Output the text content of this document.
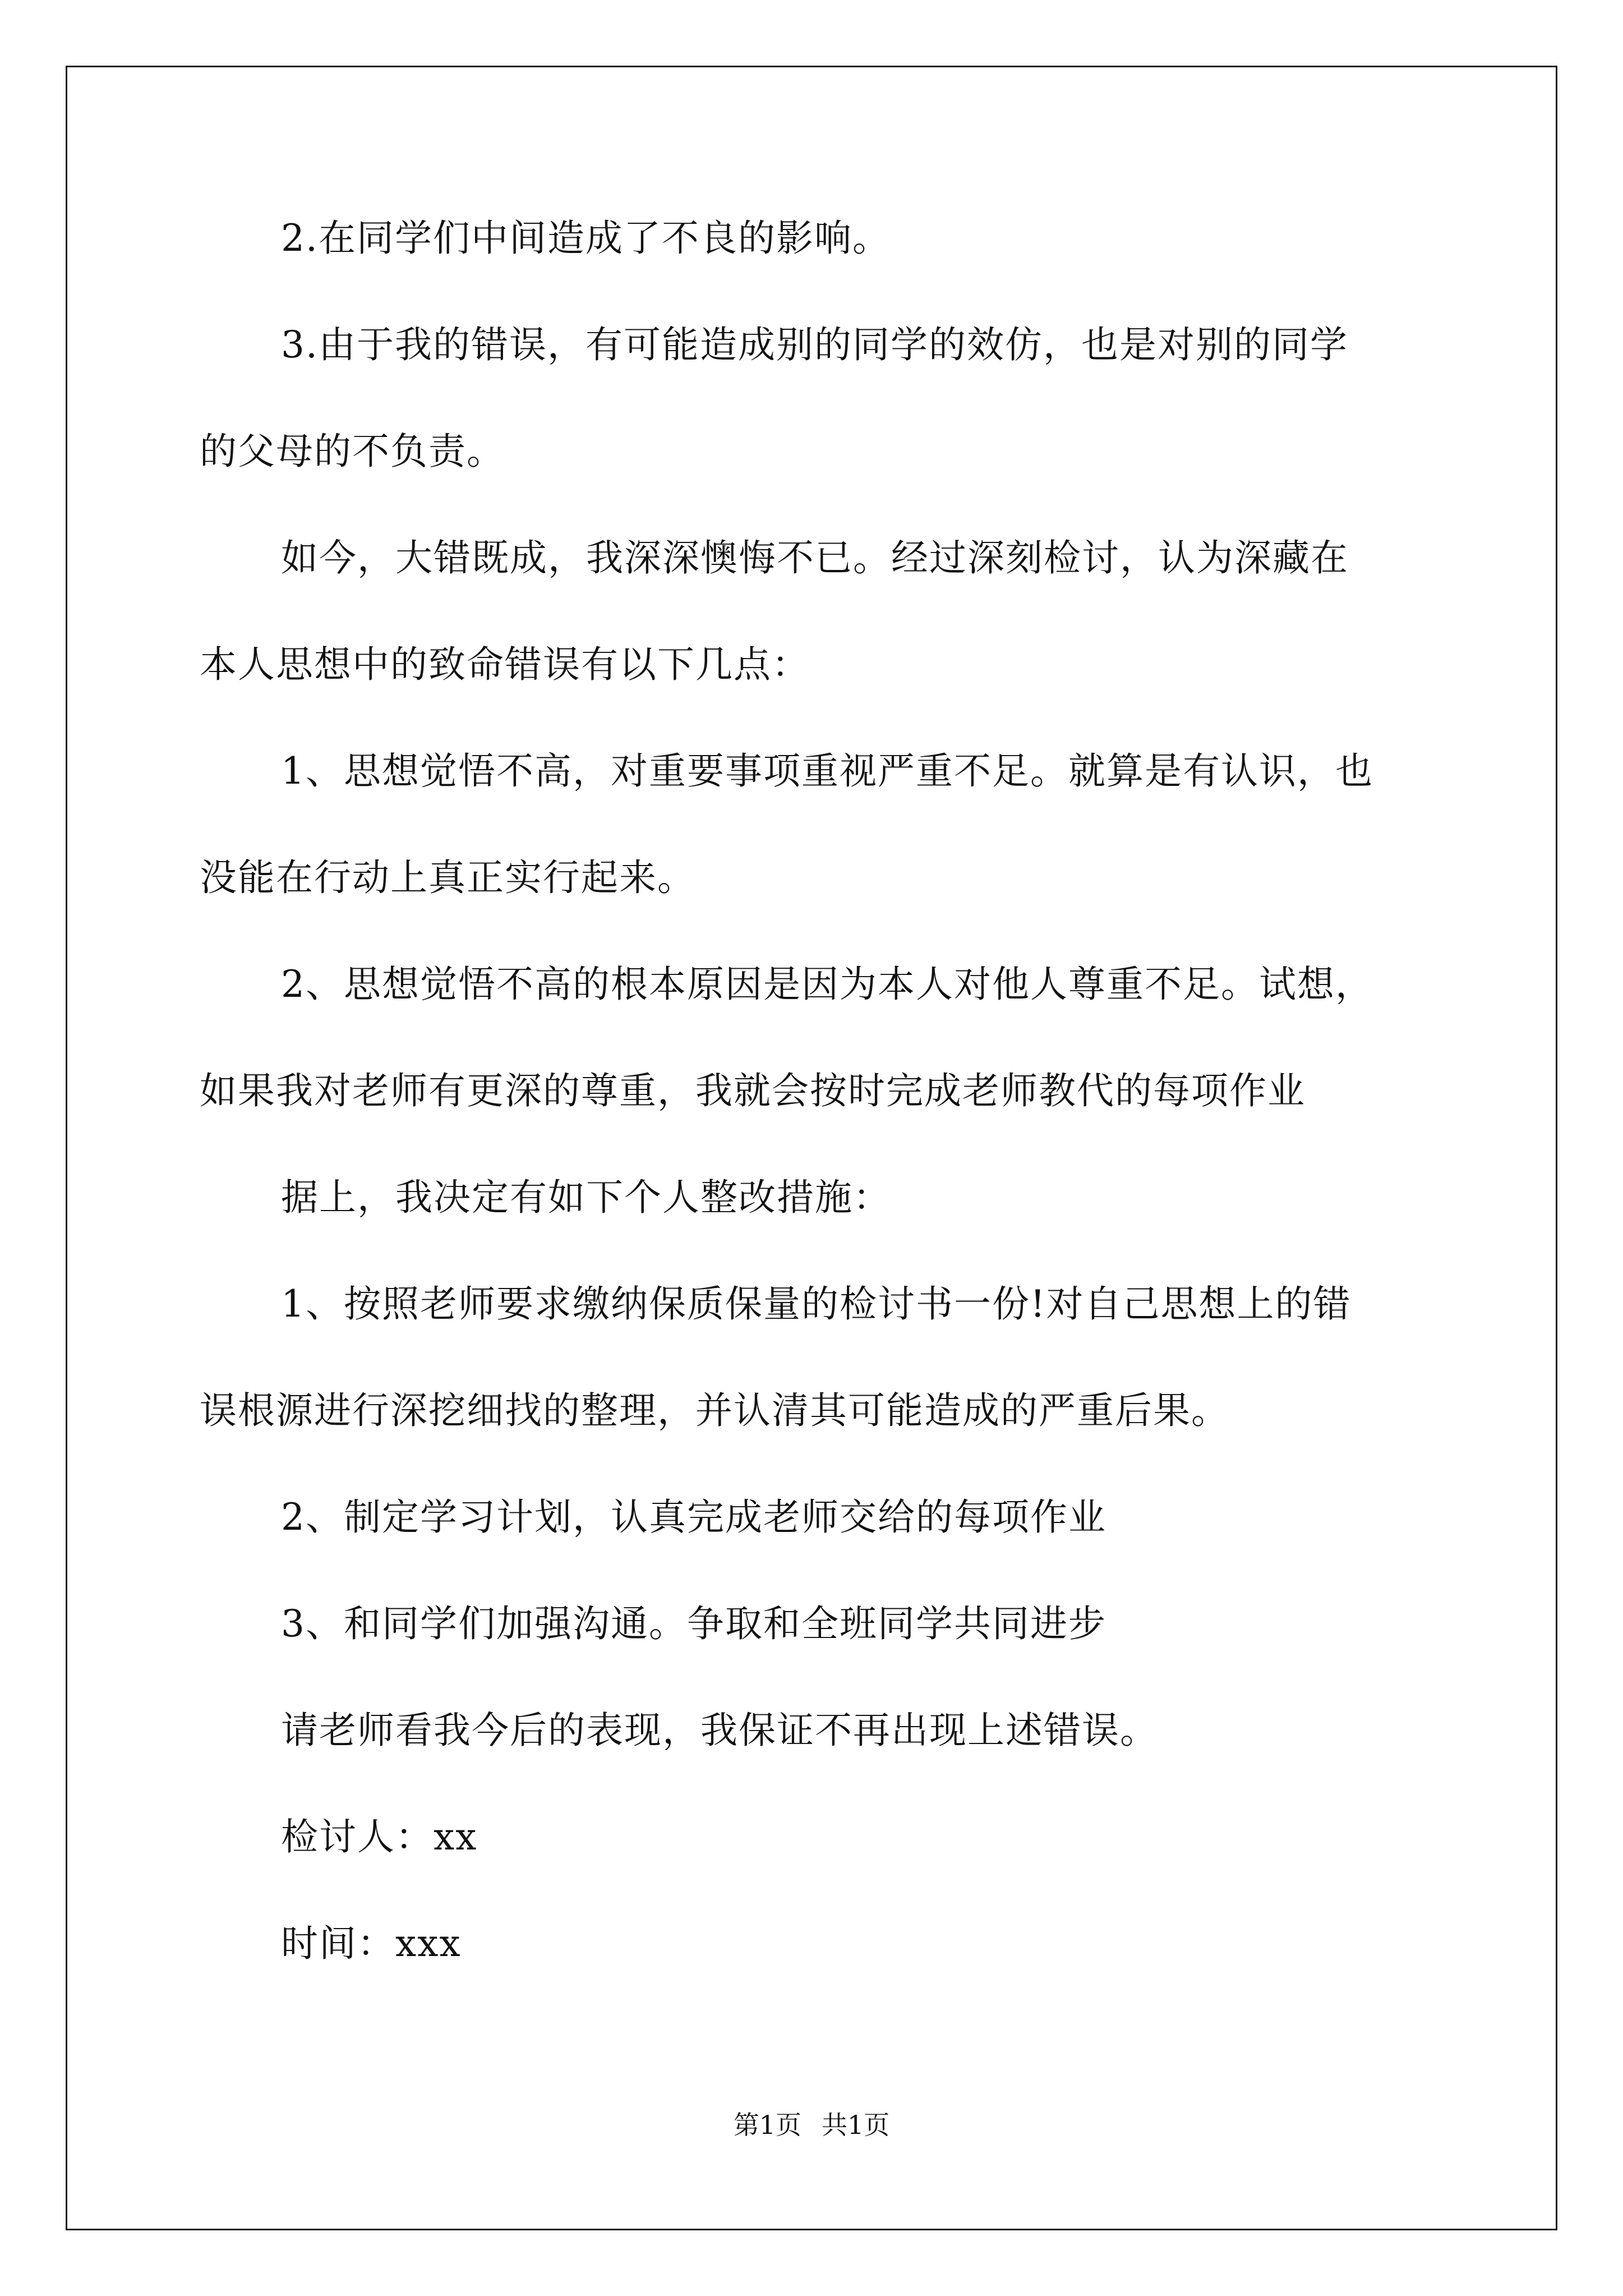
2.在同学们中间造成了不良的影响。
3.由于我的错误，有可能造成别的同学的效仿，也是对别的同学
的父母的不负责。
如今，大错既成，我深深懊悔不已。经过深刻检讨，认为深藏在
本人思想中的致命错误有以下几点：
1、思想觉悟不高，对重要事项重视严重不足。就算是有认识，也
没能在行动上真正实行起来。
2、思想觉悟不高的根本原因是因为本人对他人尊重不足。试想，
如果我对老师有更深的尊重，我就会按时完成老师教代的每项作业
据上，我决定有如下个人整改措施：
1、按照老师要求缴纳保质保量的检讨书一份!对自己思想上的错
误根源进行深挖细找的整理，并认清其可能造成的严重后果。
2、制定学习计划，认真完成老师交给的每项作业
3、和同学们加强沟通。争取和全班同学共同进步
请老师看我今后的表现，我保证不再出现上述错误。
检讨人：xx
时间：xxx
第1页 共1页
